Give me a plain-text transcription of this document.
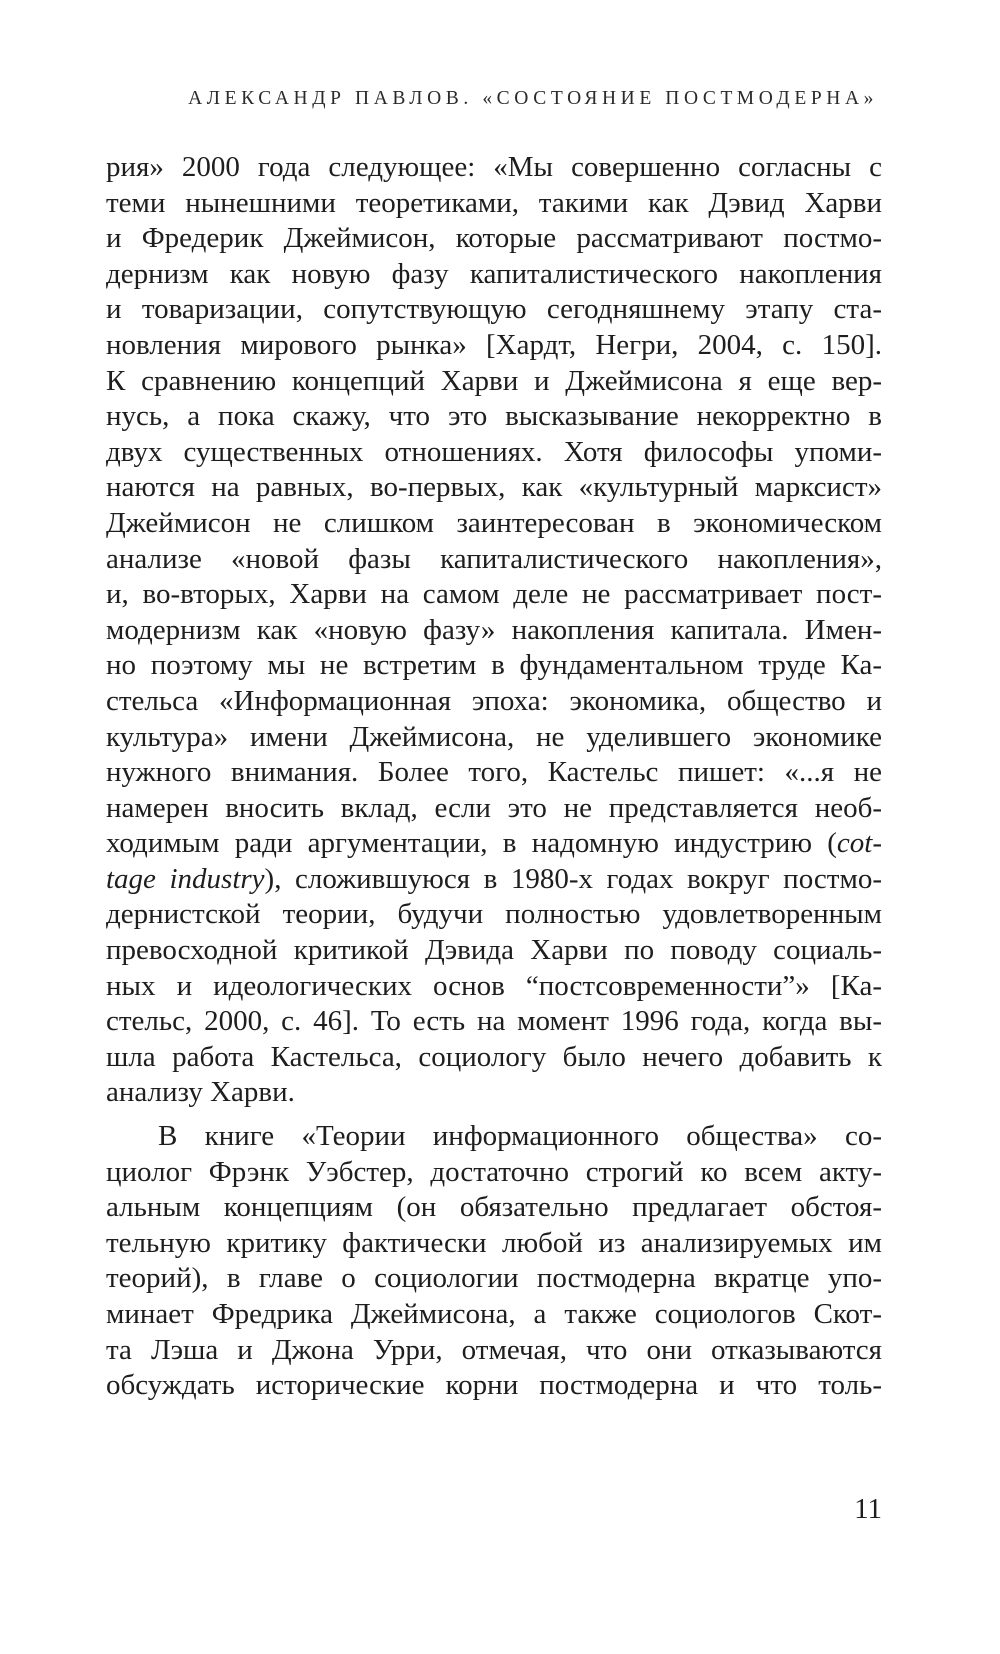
АЛЕКСАНДР ПАВЛОВ. «СОСТОЯНИЕ ПОСТМОДЕРНА»
рия» 2000 года следующее: «Мы совершенно согласны с
теми нынешними теоретиками, такими как Дэвид Харви
и Фредерик Джеймисон, которые рассматривают постмо-
дернизм как новую фазу капиталистического накопления
и товаризации, сопутствующую сегодняшнему этапу ста-
новления мирового рынка» [Хардт, Негри, 2004, с. 150].
К сравнению концепций Харви и Джеймисона я еще вер-
нусь, а пока скажу, что это высказывание некорректно в
двух существенных отношениях. Хотя философы упоми-
наются на равных, во-первых, как «культурный марксист»
Джеймисон не слишком заинтересован в экономическом
анализе «новой фазы капиталистического накопления»,
и, во-вторых, Харви на самом деле не рассматривает пост-
модернизм как «новую фазу» накопления капитала. Имен-
но поэтому мы не встретим в фундаментальном труде Ка-
стельса «Информационная эпоха: экономика, общество и
культура» имени Джеймисона, не уделившего экономике
нужного внимания. Более того, Кастельс пишет: «...я не
намерен вносить вклад, если это не представляется необ-
ходимым ради аргументации, в надомную индустрию (cot-
tage industry), сложившуюся в 1980-х годах вокруг постмо-
дернистской теории, будучи полностью удовлетворенным
превосходной критикой Дэвида Харви по поводу социаль-
ных и идеологических основ “постсовременности”» [Ка-
стельс, 2000, с. 46]. То есть на момент 1996 года, когда вы-
шла работа Кастельса, социологу было нечего добавить к
анализу Харви.
В книге «Теории информационного общества» со-
циолог Фрэнк Уэбстер, достаточно строгий ко всем акту-
альным концепциям (он обязательно предлагает обстоя-
тельную критику фактически любой из анализируемых им
теорий), в главе о социологии постмодерна вкратце упо-
минает Фредрика Джеймисона, а также социологов Скот-
та Лэша и Джона Урри, отмечая, что они отказываются
обсуждать исторические корни постмодерна и что толь-
11
